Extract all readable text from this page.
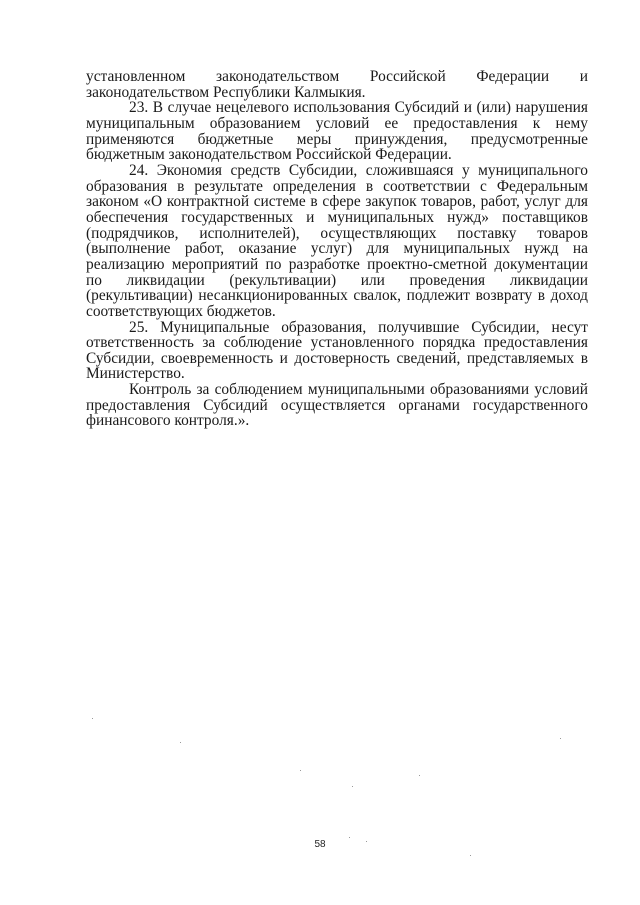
установленном законодательством Российской Федерации и законодательством Республики Калмыкия.

23. В случае нецелевого использования Субсидий и (или) нарушения муниципальным образованием условий ее предоставления к нему применяются бюджетные меры принуждения, предусмотренные бюджетным законодательством Российской Федерации.

24. Экономия средств Субсидии, сложившаяся у муниципального образования в результате определения в соответствии с Федеральным законом «О контрактной системе в сфере закупок товаров, работ, услуг для обеспечения государственных и муниципальных нужд» поставщиков (подрядчиков, исполнителей), осуществляющих поставку товаров (выполнение работ, оказание услуг) для муниципальных нужд на реализацию мероприятий по разработке проектно-сметной документации по ликвидации (рекультивации) или проведения ликвидации (рекультивации) несанкционированных свалок, подлежит возврату в доход соответствующих бюджетов.

25. Муниципальные образования, получившие Субсидии, несут ответственность за соблюдение установленного порядка предоставления Субсидии, своевременность и достоверность сведений, представляемых в Министерство.

Контроль за соблюдением муниципальными образованиями условий предоставления Субсидий осуществляется органами государственного финансового контроля.».

58
